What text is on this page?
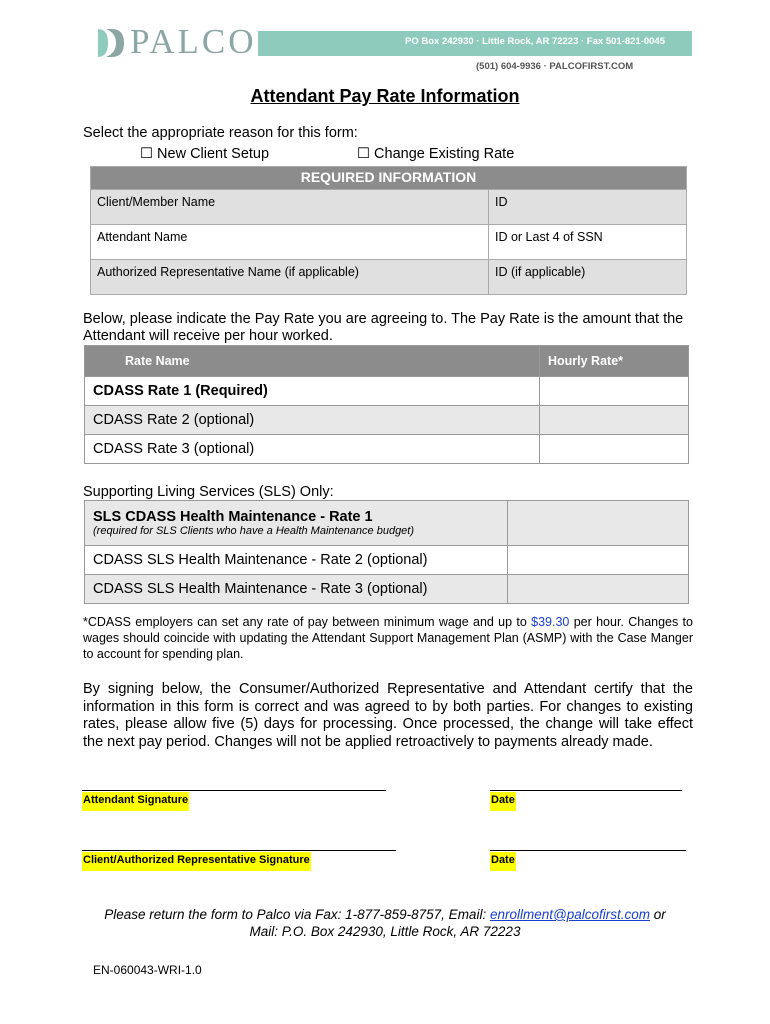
PALCO	PO Box 242930 · Little Rock, AR 72223 · Fax 501-821-0045
(501) 604-9936 · PALCOFIRST.COM
Attendant Pay Rate Information
Select the appropriate reason for this form:
☐ New Client Setup	☐ Change Existing Rate
REQUIRED INFORMATION	
Client/Member Name	ID
Attendant Name	ID or Last 4 of SSN
Authorized Representative Name (if applicable)	ID (if applicable)
Below, please indicate the Pay Rate you are agreeing to. The Pay Rate is the amount that the Attendant will receive per hour worked.
Rate Name	Hourly Rate*
CDASS Rate 1 (Required)	
CDASS Rate 2 (optional)	
CDASS Rate 3 (optional)	
Supporting Living Services (SLS) Only:
SLS CDASS Health Maintenance - Rate 1
(required for SLS Clients who have a Health Maintenance budget)	

CDASS SLS Health Maintenance - Rate 2 (optional)	
CDASS SLS Health Maintenance - Rate 3 (optional)	
*CDASS employers can set any rate of pay between minimum wage and up to $39.30 per hour. Changes to wages should coincide with updating the Attendant Support Management Plan (ASMP) with the Case Manger to account for spending plan.
By signing below, the Consumer/Authorized Representative and Attendant certify that the information in this form is correct and was agreed to by both parties. For changes to existing rates, please allow five (5) days for processing. Once processed, the change will take effect the next pay period. Changes will not be applied retroactively to payments already made.
Attendant Signature	Date
Client/Authorized Representative Signature	Date
Please return the form to Palco via Fax: 1-877-859-8757, Email: enrollment@palcofirst.com or
Mail: P.O. Box 242930, Little Rock, AR 72223
EN-060043-WRI-1.0
